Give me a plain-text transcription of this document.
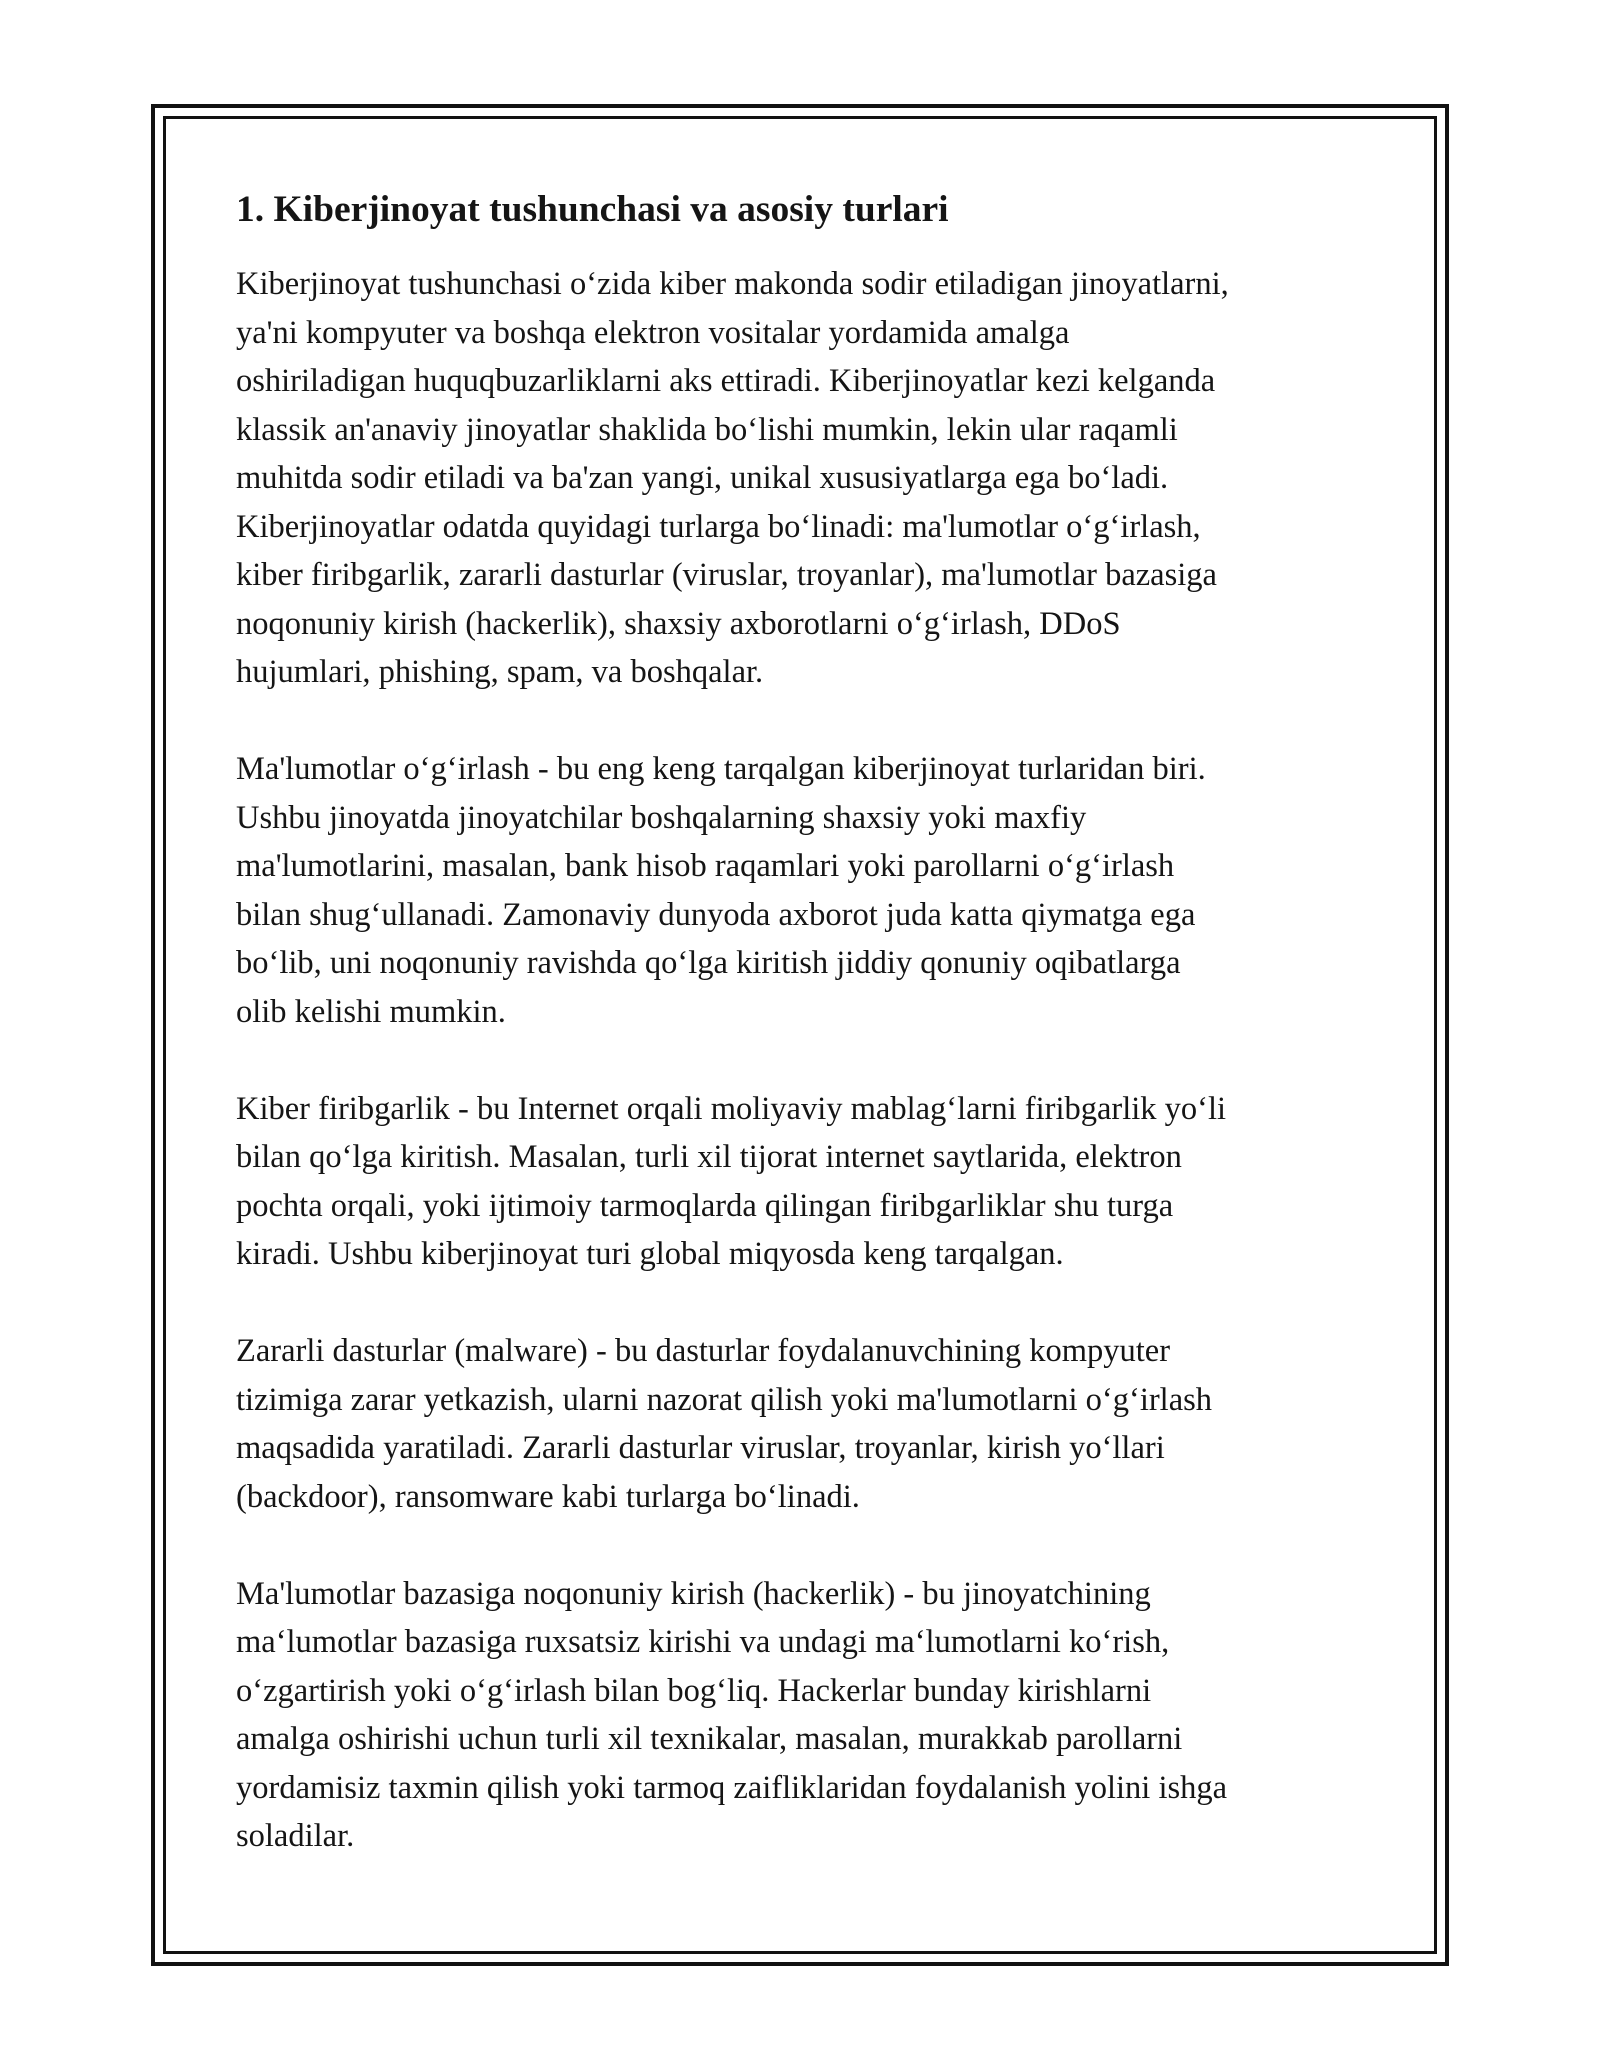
1. Kiberjinoyat tushunchasi va asosiy turlari
Kiberjinoyat tushunchasi o‘zida kiber makonda sodir etiladigan jinoyatlarni,
ya'ni kompyuter va boshqa elektron vositalar yordamida amalga
oshiriladigan huquqbuzarliklarni aks ettiradi. Kiberjinoyatlar kezi kelganda
klassik an'anaviy jinoyatlar shaklida bo‘lishi mumkin, lekin ular raqamli
muhitda sodir etiladi va ba'zan yangi, unikal xususiyatlarga ega bo‘ladi.
Kiberjinoyatlar odatda quyidagi turlarga bo‘linadi: ma'lumotlar o‘g‘irlash,
kiber firibgarlik, zararli dasturlar (viruslar, troyanlar), ma'lumotlar bazasiga
noqonuniy kirish (hackerlik), shaxsiy axborotlarni o‘g‘irlash, DDoS
hujumlari, phishing, spam, va boshqalar.
Ma'lumotlar o‘g‘irlash - bu eng keng tarqalgan kiberjinoyat turlaridan biri.
Ushbu jinoyatda jinoyatchilar boshqalarning shaxsiy yoki maxfiy
ma'lumotlarini, masalan, bank hisob raqamlari yoki parollarni o‘g‘irlash
bilan shug‘ullanadi. Zamonaviy dunyoda axborot juda katta qiymatga ega
bo‘lib, uni noqonuniy ravishda qo‘lga kiritish jiddiy qonuniy oqibatlarga
olib kelishi mumkin.
Kiber firibgarlik - bu Internet orqali moliyaviy mablag‘larni firibgarlik yo‘li
bilan qo‘lga kiritish. Masalan, turli xil tijorat internet saytlarida, elektron
pochta orqali, yoki ijtimoiy tarmoqlarda qilingan firibgarliklar shu turga
kiradi. Ushbu kiberjinoyat turi global miqyosda keng tarqalgan.
Zararli dasturlar (malware) - bu dasturlar foydalanuvchining kompyuter
tizimiga zarar yetkazish, ularni nazorat qilish yoki ma'lumotlarni o‘g‘irlash
maqsadida yaratiladi. Zararli dasturlar viruslar, troyanlar, kirish yo‘llari
(backdoor), ransomware kabi turlarga bo‘linadi.
Ma'lumotlar bazasiga noqonuniy kirish (hackerlik) - bu jinoyatchining
ma‘lumotlar bazasiga ruxsatsiz kirishi va undagi ma‘lumotlarni ko‘rish,
o‘zgartirish yoki o‘g‘irlash bilan bog‘liq. Hackerlar bunday kirishlarni
amalga oshirishi uchun turli xil texnikalar, masalan, murakkab parollarni
yordamisiz taxmin qilish yoki tarmoq zaifliklaridan foydalanish yolini ishga
soladilar.
